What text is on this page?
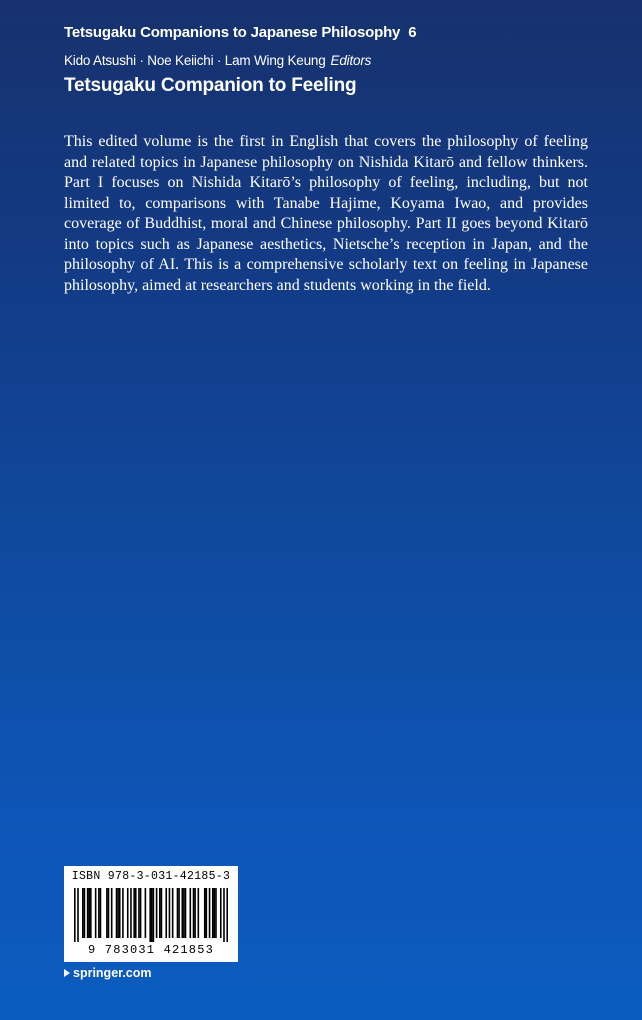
Tetsugaku Companions to Japanese Philosophy 6
Kido Atsushi · Noe Keiichi · Lam Wing Keung Editors
Tetsugaku Companion to Feeling

This edited volume is the first in English that covers the philosophy of feeling and related topics in Japanese philosophy on Nishida Kitarō and fellow thinkers. Part I focuses on Nishida Kitarō’s philosophy of feeling, including, but not limited to, comparisons with Tanabe Hajime, Koyama Iwao, and provides coverage of Buddhist, moral and Chinese philosophy. Part II goes beyond Kitarō into topics such as Japanese aesthetics, Nietsche’s reception in Japan, and the philosophy of AI. This is a comprehensive scholarly text on feeling in Japanese philosophy, aimed at researchers and students working in the field.

ISBN 978-3-031-42185-3
9 783031 421853
springer.com
